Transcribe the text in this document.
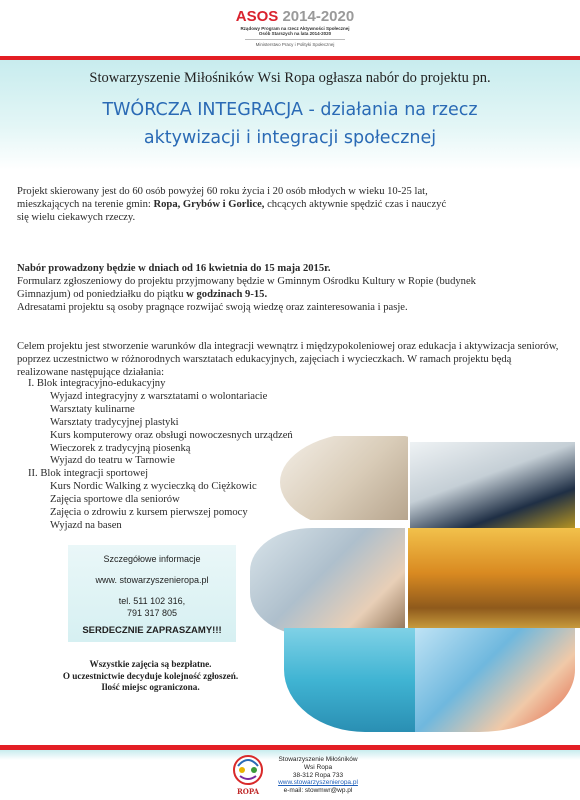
ASOS 2014-2020
Rządowy Program na rzecz Aktywności Społecznej
Osób Starszych na lata 2014-2020
Ministerstwo Pracy i Polityki Społecznej
Stowarzyszenie Miłośników Wsi Ropa ogłasza nabór do projektu pn.
TWÓRCZA INTEGRACJA - działania na rzecz
aktywizacji i integracji społecznej
Projekt skierowany jest do 60 osób powyżej 60 roku życia i 20 osób młodych w wieku 10-25 lat, mieszkających na terenie gmin: Ropa, Grybów i Gorlice, chcących aktywnie spędzić czas i nauczyć się wielu ciekawych rzeczy.
Nabór prowadzony będzie w dniach od 16 kwietnia do 15 maja 2015r.
Formularz zgłoszeniowy do projektu przyjmowany będzie w Gminnym Ośrodku Kultury w Ropie (budynek Gimnazjum) od poniedziałku do piątku w godzinach 9-15.
Adresatami projektu są osoby pragnące rozwijać swoją wiedzę oraz zainteresowania i pasje.
Celem projektu jest stworzenie warunków dla integracji wewnątrz i międzypokoleniowej oraz edukacja i aktywizacja seniorów, poprzez uczestnictwo w różnorodnych warsztatach edukacyjnych, zajęciach i wycieczkach. W ramach projektu będą realizowane następujące działania:
I. Blok integracyjno-edukacyjny
Wyjazd integracyjny z warsztatami o wolontariacie
Warsztaty kulinarne
Warsztaty tradycyjnej plastyki
Kurs komputerowy oraz obsługi nowoczesnych urządzeń
Wieczorek z tradycyjną piosenką
Wyjazd do teatru w Tarnowie
II. Blok integracji sportowej
Kurs Nordic Walking z wycieczką do Ciężkowic
Zajęcia sportowe dla seniorów
Zajęcia o zdrowiu z kursem pierwszej pomocy
Wyjazd na basen
Szczegółowe informacje
www. stowarzyszenieropa.pl
tel. 511 102 316,
791 317 805
SERDECZNIE ZAPRASZAMY!!!
Wszystkie zajęcia są bezpłatne.
O uczestnictwie decyduje kolejność zgłoszeń.
Ilość miejsc ograniczona.
ROPA
Stowarzyszenie Miłośników
Wsi Ropa
38-312 Ropa 733
www.stowarzyszenieropa.pl
e-mail: stowmwr@wp.pl
